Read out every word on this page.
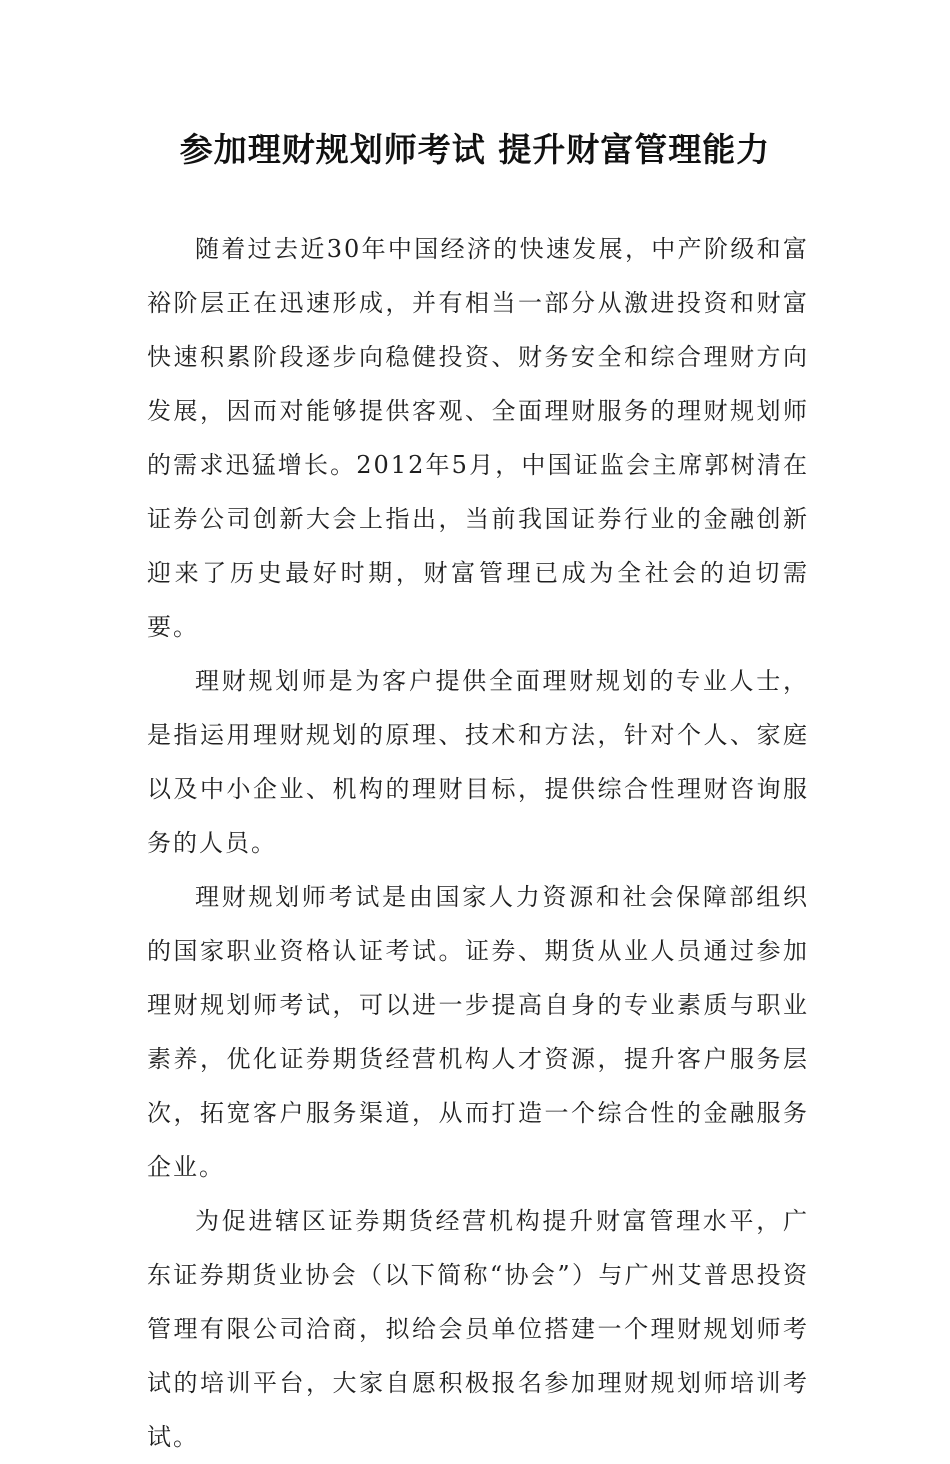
参加理财规划师考试 提升财富管理能力

随着过去近30年中国经济的快速发展，中产阶级和富裕阶层正在迅速形成，并有相当一部分从激进投资和财富快速积累阶段逐步向稳健投资、财务安全和综合理财方向发展，因而对能够提供客观、全面理财服务的理财规划师的需求迅猛增长。2012年5月，中国证监会主席郭树清在证券公司创新大会上指出，当前我国证券行业的金融创新迎来了历史最好时期，财富管理已成为全社会的迫切需要。

理财规划师是为客户提供全面理财规划的专业人士，是指运用理财规划的原理、技术和方法，针对个人、家庭以及中小企业、机构的理财目标，提供综合性理财咨询服务的人员。

理财规划师考试是由国家人力资源和社会保障部组织的国家职业资格认证考试。证券、期货从业人员通过参加理财规划师考试，可以进一步提高自身的专业素质与职业素养，优化证券期货经营机构人才资源，提升客户服务层次，拓宽客户服务渠道，从而打造一个综合性的金融服务企业。

为促进辖区证券期货经营机构提升财富管理水平，广东证券期货业协会（以下简称“协会”）与广州艾普思投资管理有限公司洽商，拟给会员单位搭建一个理财规划师考试的培训平台，大家自愿积极报名参加理财规划师培训考试。
